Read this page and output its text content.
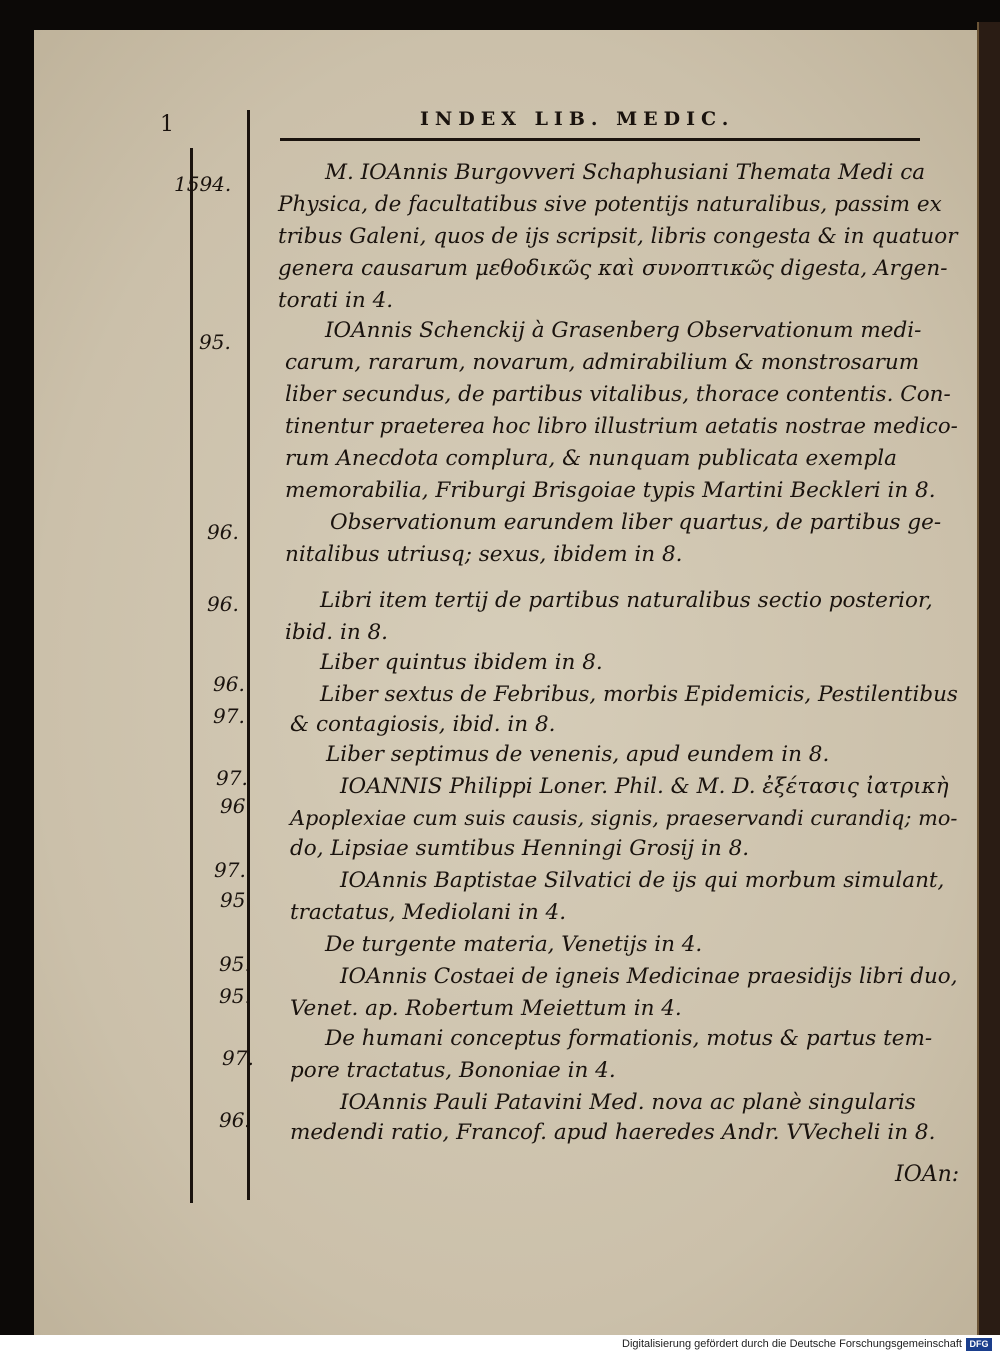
1	INDEX LIB. MEDIC.
1594.
95.
96.
96.
96.
97.
97.
96.
97.
95.
95.
95.
97.
96:
M. IOAnnis Burgovveri Schaphusiani Themata Medi ca
Physica, de facultatibus sive potentijs naturalibus, passim ex
tribus Galeni, quos de ijs scripsit, libris congesta & in quatuor
genera causarum μεθοδικῶς καὶ συνοπτικῶς digesta, Argen-
torati in 4.
IOAnnis Schenckij à Grasenberg Observationum medi-
carum, rararum, novarum, admirabilium & monstrosarum
liber secundus, de partibus vitalibus, thorace contentis. Con-
tinentur praeterea hoc libro illustrium aetatis nostrae medico-
rum Anecdota complura, & nunquam publicata exempla
memorabilia, Friburgi Brisgoiae typis Martini Beckleri in 8.
Observationum earundem liber quartus, de partibus ge-
nitalibus utriusq; sexus, ibidem in 8.
Libri item tertij de partibus naturalibus sectio posterior,
ibid. in 8.
Liber quintus ibidem in 8.
Liber sextus de Febribus, morbis Epidemicis, Pestilentibus
& contagiosis, ibid. in 8.
Liber septimus de venenis, apud eundem in 8.
IOANNIS Philippi Loner. Phil. & M. D. ἐξέτασις ἰατρικὴ
Apoplexiae cum suis causis, signis, praeservandi curandiq; mo-
do, Lipsiae sumtibus Henningi Grosij in 8.
IOAnnis Baptistae Silvatici de ijs qui morbum simulant,
tractatus, Mediolani in 4.
De turgente materia, Venetijs in 4.
IOAnnis Costaei de igneis Medicinae praesidijs libri duo,
Venet. ap. Robertum Meiettum in 4.
De humani conceptus formationis, motus & partus tem-
pore tractatus, Bononiae in 4.
IOAnnis Pauli Patavini Med. nova ac planè singularis
medendi ratio, Francof. apud haeredes Andr. VVecheli in 8.
IOAn:
Digitalisierung gefördert durch die Deutsche Forschungsgemeinschaft DFG
